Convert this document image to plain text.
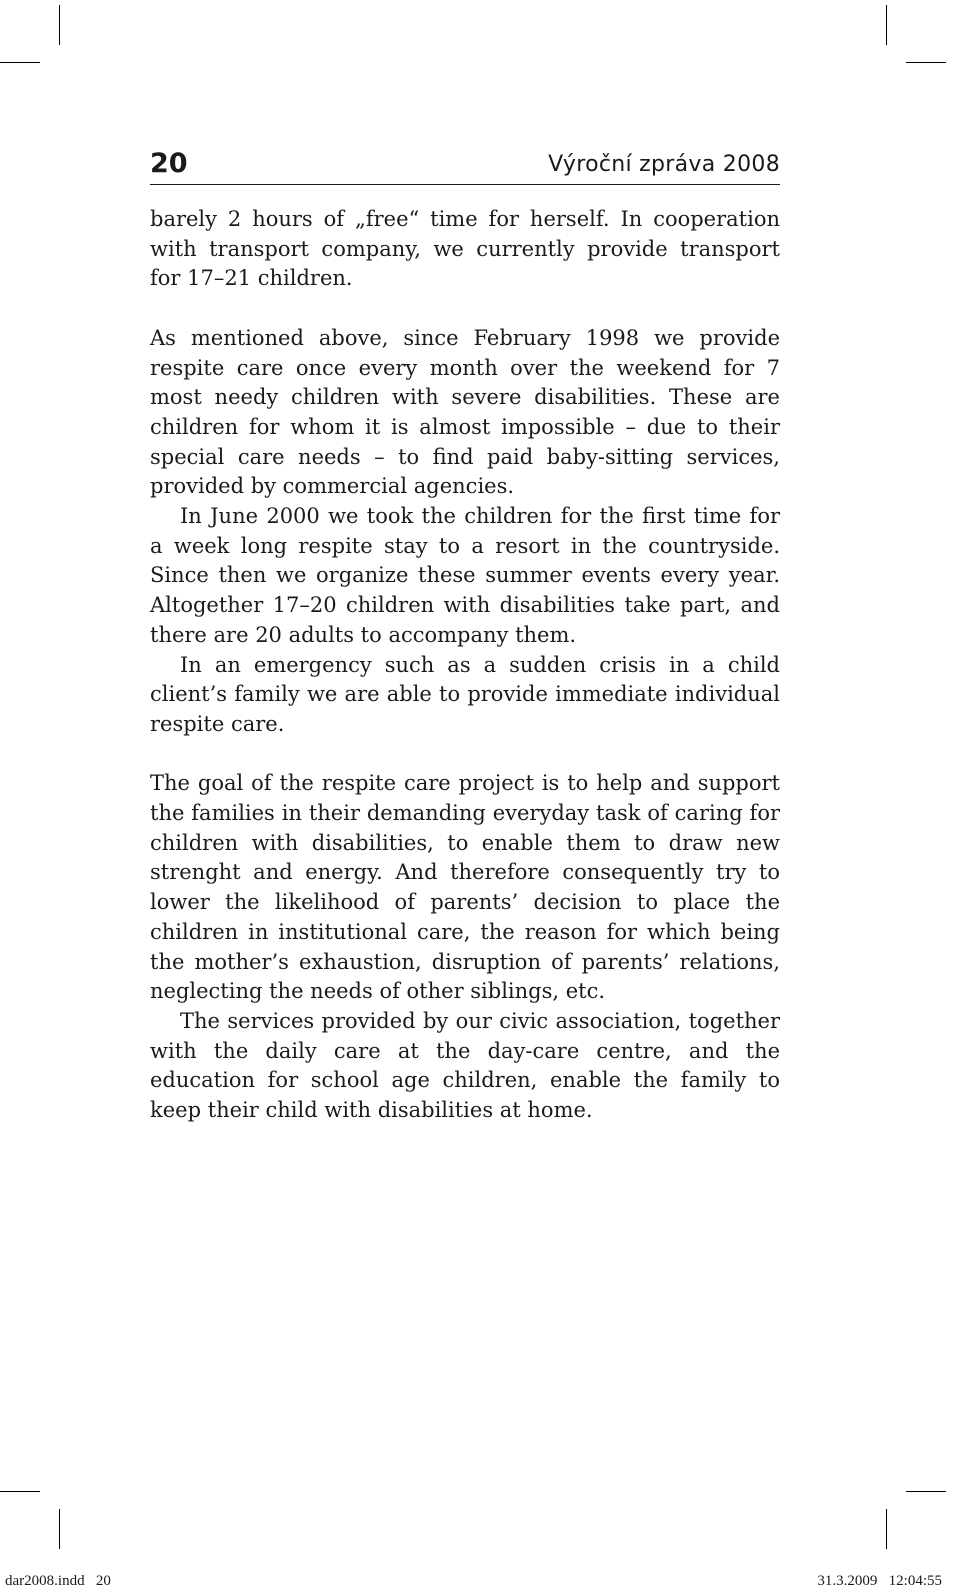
20	Výroční zpráva 2008

barely 2 hours of „free“ time for herself. In cooperation with transport company, we currently provide transport for 17–21 children.

As mentioned above, since February 1998 we provide respite care once every month over the weekend for 7 most needy children with severe disabilities. These are children for whom it is almost impossible – due to their special care needs – to find paid baby-sitting services, provided by commercial agencies.

In June 2000 we took the children for the first time for a week long respite stay to a resort in the countryside. Since then we organize these summer events every year. Altogether 17–20 children with disabilities take part, and there are 20 adults to accompany them.

In an emergency such as a sudden crisis in a child client’s family we are able to provide immediate individual respite care.

The goal of the respite care project is to help and support the families in their demanding everyday task of caring for children with disabilities, to enable them to draw new strenght and energy. And therefore consequently try to lower the likelihood of parents’ decision to place the children in institutional care, the reason for which being the mother’s exhaustion, disruption of parents’ relations, neglecting the needs of other siblings, etc.

The services provided by our civic association, together with the daily care at the day-care centre, and the education for school age children, enable the family to keep their child with disabilities at home.

dar2008.indd   20	31.3.2009   12:04:55
